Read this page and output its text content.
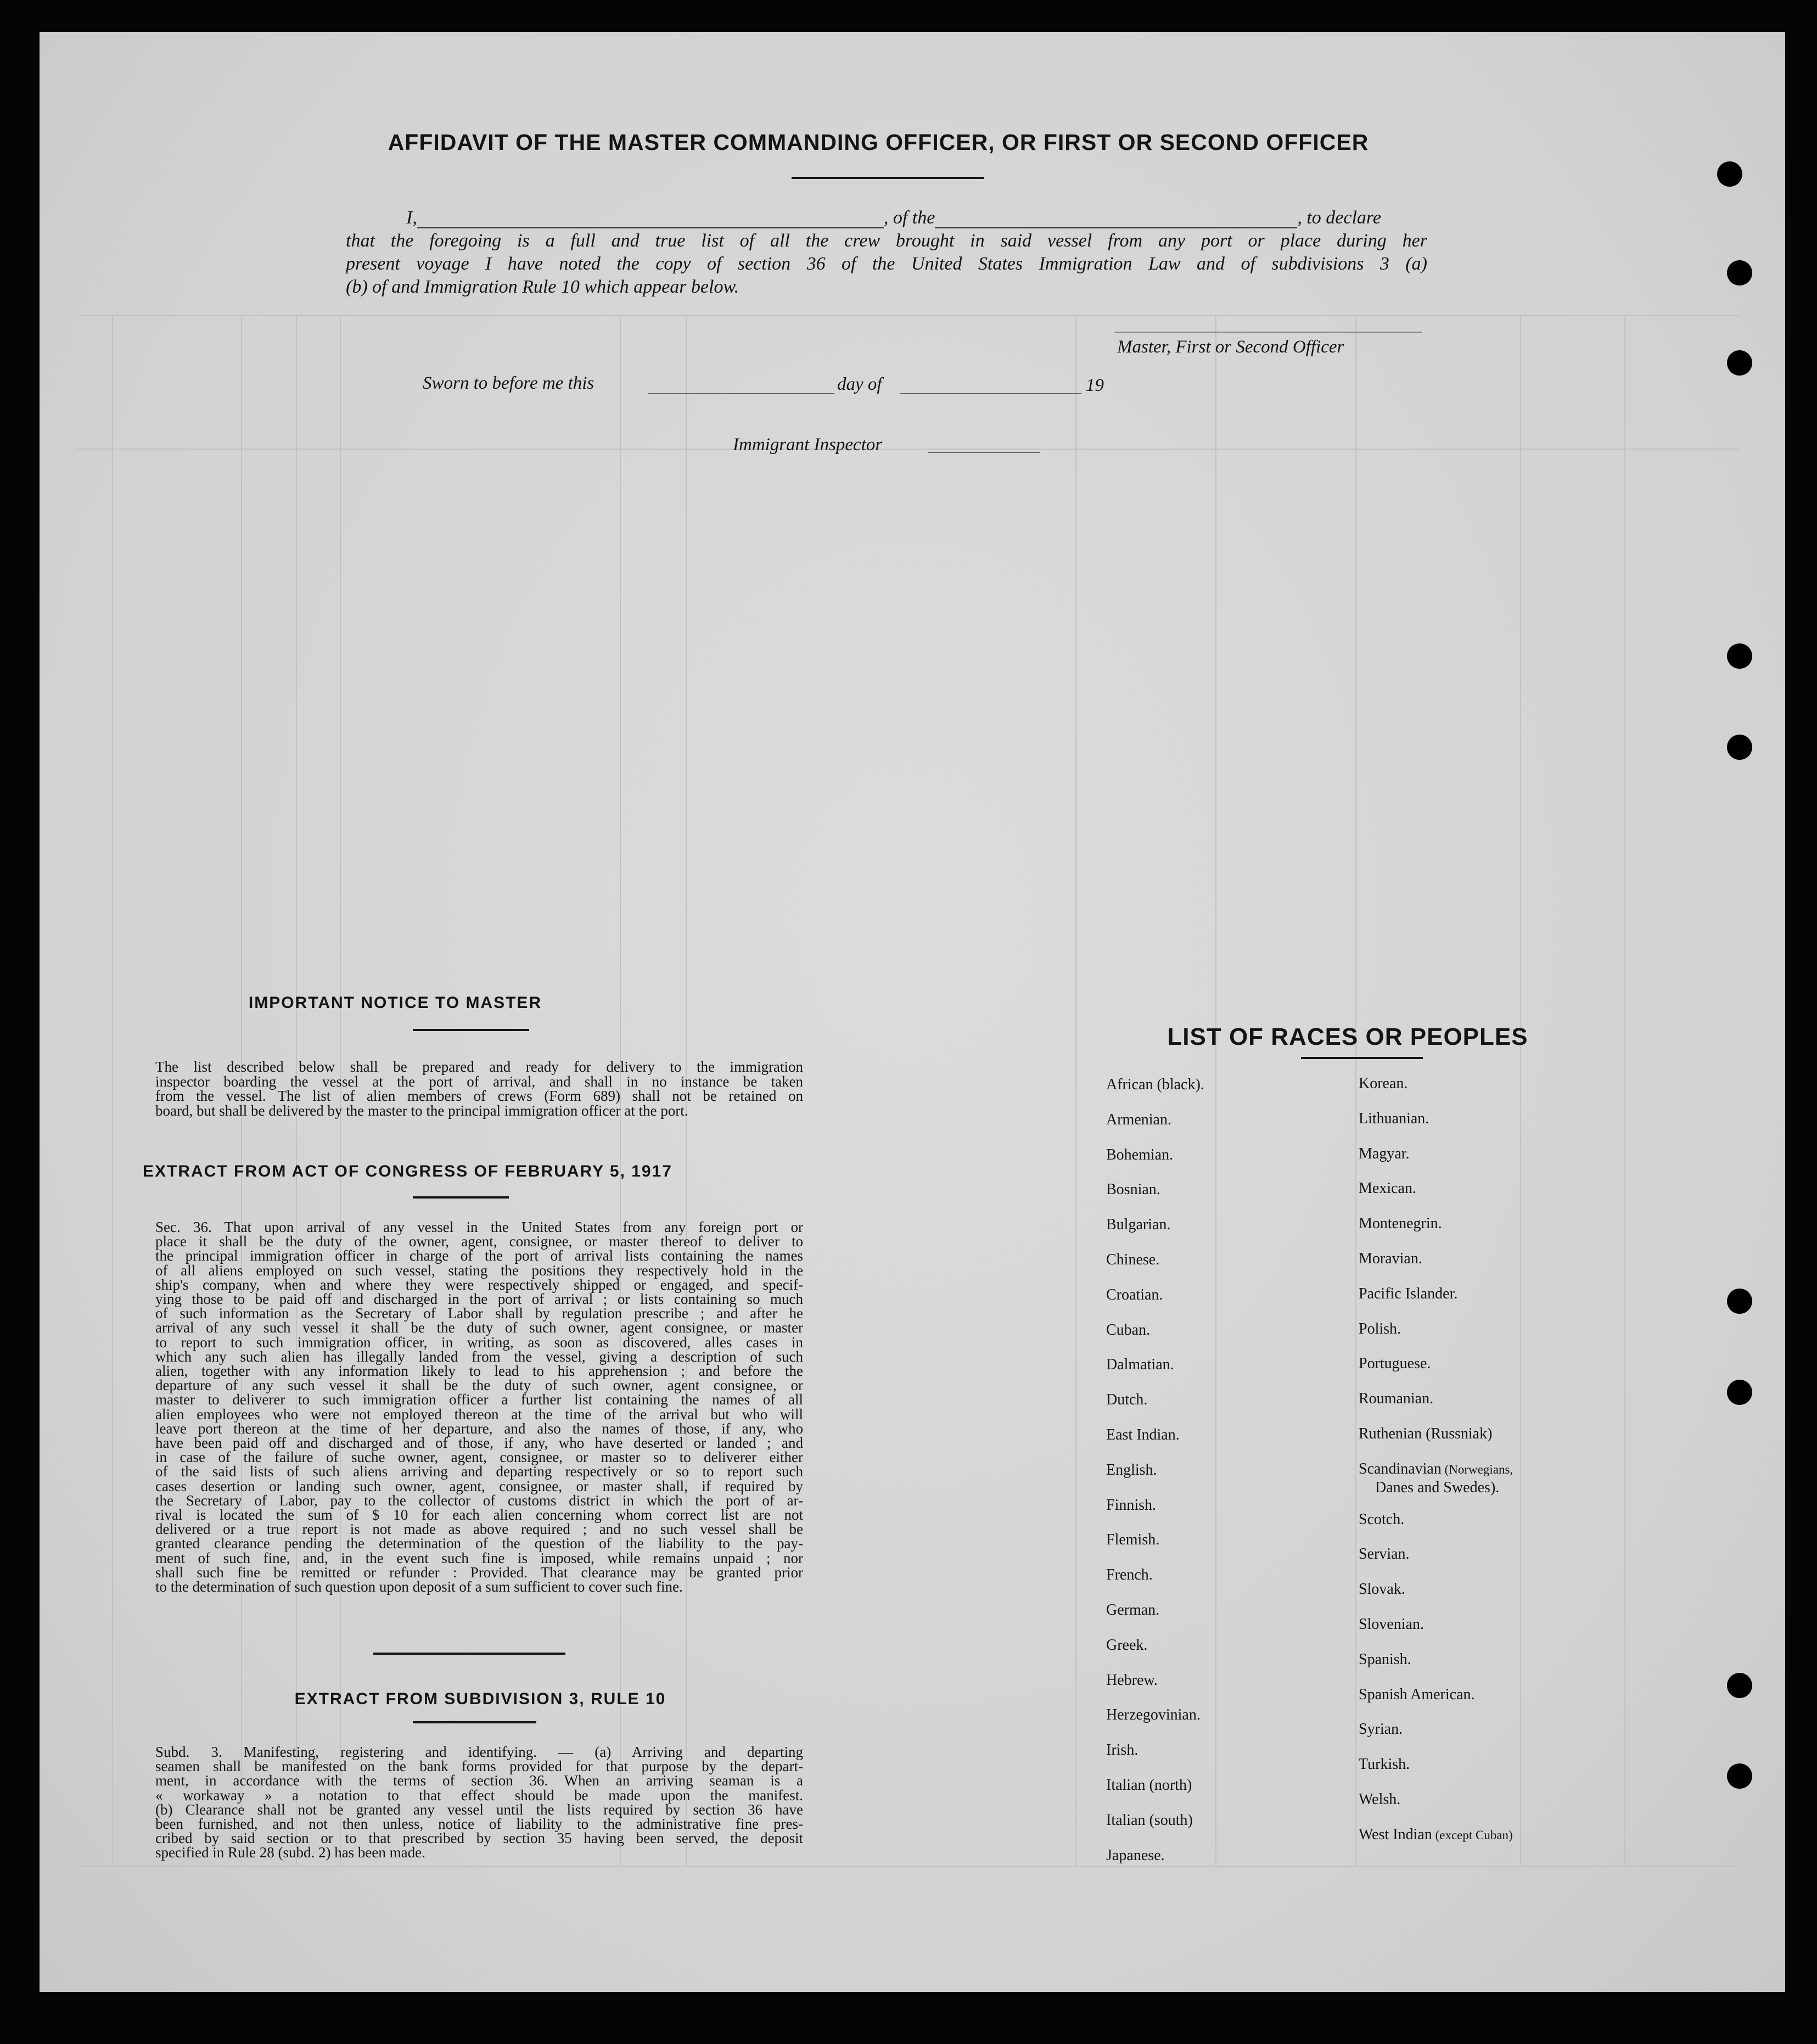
AFFIDAVIT OF THE MASTER COMMANDING OFFICER, OR FIRST OR SECOND OFFICER
I,	, of the	, to declare
that the foregoing is a full and true list of all the crew brought in said vessel from any port or place during her
present voyage I have noted the copy of section 36 of the United States Immigration Law and of subdivisions 3 (a)
(b) of and Immigration Rule 10 which appear below.
Master, First or Second Officer
Sworn to before me this	day of	19
Immigrant Inspector
IMPORTANT NOTICE TO MASTER
The list described below shall be prepared and ready for delivery to the immigration
inspector boarding the vessel at the port of arrival, and shall in no instance be taken
from the vessel. The list of alien members of crews (Form 689) shall not be retained on
board, but shall be delivered by the master to the principal immigration officer at the port.
EXTRACT FROM ACT OF CONGRESS OF FEBRUARY 5, 1917
Sec. 36. That upon arrival of any vessel in the United States from any foreign port or
place it shall be the duty of the owner, agent, consignee, or master thereof to deliver to
the principal immigration officer in charge of the port of arrival lists containing the names
of all aliens employed on such vessel, stating the positions they respectively hold in the
ship's company, when and where they were respectively shipped or engaged, and specif-
ying those to be paid off and discharged in the port of arrival ; or lists containing so much
of such information as the Secretary of Labor shall by regulation prescribe ; and after he
arrival of any such vessel it shall be the duty of such owner, agent consignee, or master
to report to such immigration officer, in writing, as soon as discovered, alles cases in
which any such alien has illegally landed from the vessel, giving a description of such
alien, together with any information likely to lead to his apprehension ; and before the
departure of any such vessel it shall be the duty of such owner, agent consignee, or
master to deliverer to such immigration officer a further list containing the names of all
alien employees who were not employed thereon at the time of the arrival but who will
leave port thereon at the time of her departure, and also the names of those, if any, who
have been paid off and discharged and of those, if any, who have deserted or landed ; and
in case of the failure of suche owner, agent, consignee, or master so to deliverer either
of the said lists of such aliens arriving and departing respectively or so to report such
cases desertion or landing such owner, agent, consignee, or master shall, if required by
the Secretary of Labor, pay to the collector of customs district in which the port of ar-
rival is located the sum of $ 10 for each alien concerning whom correct list are not
delivered or a true report is not made as above required ; and no such vessel shall be
granted clearance pending the determination of the question of the liability to the pay-
ment of such fine, and, in the event such fine is imposed, while remains unpaid ; nor
shall such fine be remitted or refunder : Provided. That clearance may be granted prior
to the determination of such question upon deposit of a sum sufficient to cover such fine.
EXTRACT FROM SUBDIVISION 3, RULE 10
Subd. 3. Manifesting, registering and identifying. — (a) Arriving and departing
seamen shall be manifested on the bank forms provided for that purpose by the depart-
ment, in accordance with the terms of section 36. When an arriving seaman is a
« workaway » a notation to that effect should be made upon the manifest.
(b) Clearance shall not be granted any vessel until the lists required by section 36 have
been furnished, and not then unless, notice of liability to the administrative fine pres-
cribed by said section or to that prescribed by section 35 having been served, the deposit
specified in Rule 28 (subd. 2) has been made.
LIST OF RACES OR PEOPLES
African (black).
Armenian.
Bohemian.
Bosnian.
Bulgarian.
Chinese.
Croatian.
Cuban.
Dalmatian.
Dutch.
East Indian.
English.
Finnish.
Flemish.
French.
German.
Greek.
Hebrew.
Herzegovinian.
Irish.
Italian (north)
Italian (south)
Japanese.
Korean.
Lithuanian.
Magyar.
Mexican.
Montenegrin.
Moravian.
Pacific Islander.
Polish.
Portuguese.
Roumanian.
Ruthenian (Russniak)
Danes and Swedes).
Scandinavian (Norwegians,
Scotch.
Servian.
Slovak.
Slovenian.
Spanish.
Spanish American.
Syrian.
Turkish.
Welsh.
West Indian (except Cuban)
